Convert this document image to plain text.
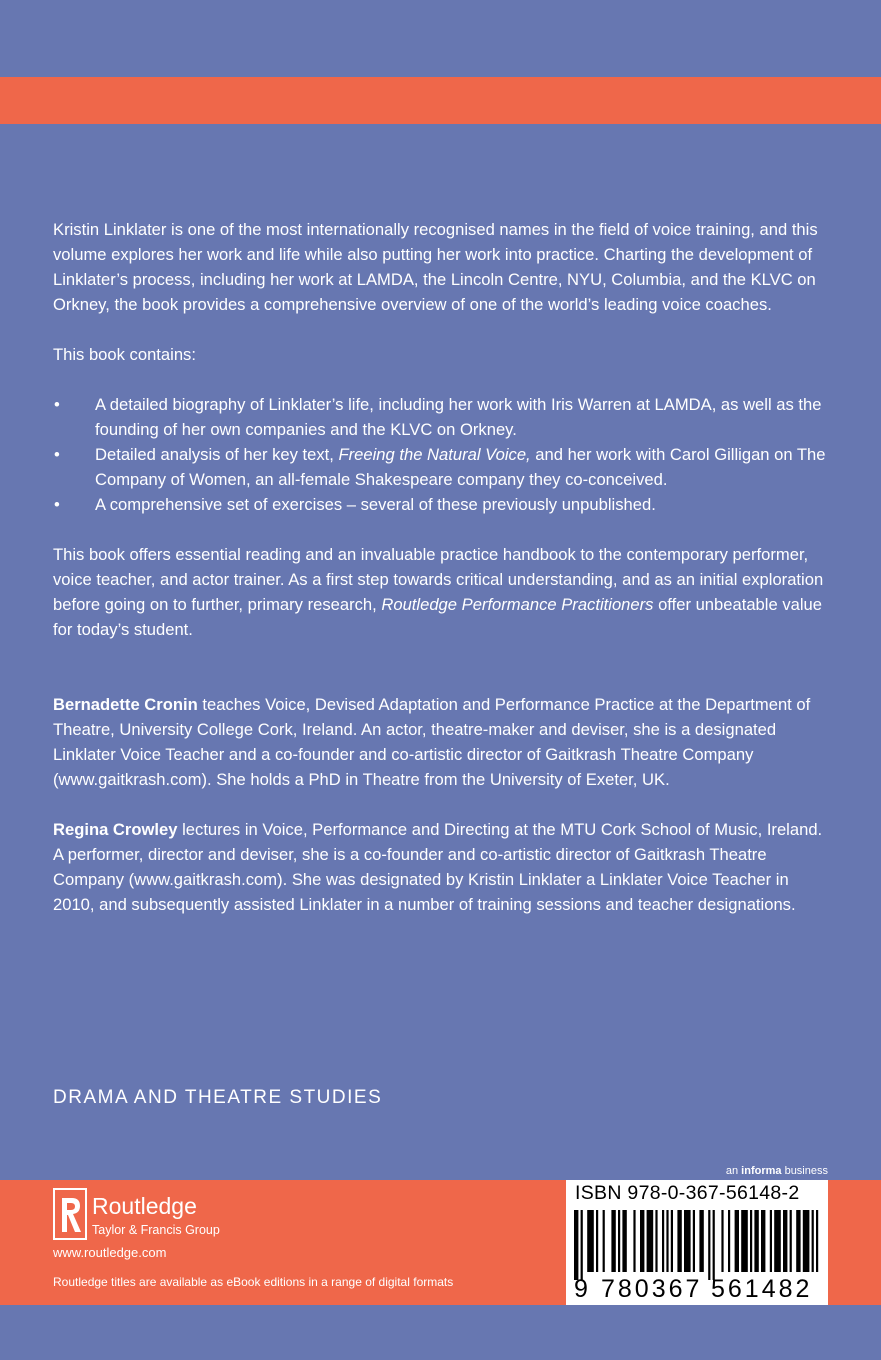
Kristin Linklater is one of the most internationally recognised names in the field of voice training, and this volume explores her work and life while also putting her work into practice. Charting the development of Linklater’s process, including her work at LAMDA, the Lincoln Centre, NYU, Columbia, and the KLVC on Orkney, the book provides a comprehensive overview of one of the world’s leading voice coaches.

This book contains:

• A detailed biography of Linklater’s life, including her work with Iris Warren at LAMDA, as well as the founding of her own companies and the KLVC on Orkney.
• Detailed analysis of her key text, Freeing the Natural Voice, and her work with Carol Gilligan on The Company of Women, an all-female Shakespeare company they co-conceived.
• A comprehensive set of exercises – several of these previously unpublished.

This book offers essential reading and an invaluable practice handbook to the contemporary performer, voice teacher, and actor trainer. As a first step towards critical understanding, and as an initial exploration before going on to further, primary research, Routledge Performance Practitioners offer unbeatable value for today’s student.

Bernadette Cronin teaches Voice, Devised Adaptation and Performance Practice at the Department of Theatre, University College Cork, Ireland. An actor, theatre-maker and deviser, she is a designated Linklater Voice Teacher and a co-founder and co-artistic director of Gaitkrash Theatre Company (www.gaitkrash.com). She holds a PhD in Theatre from the University of Exeter, UK.

Regina Crowley lectures in Voice, Performance and Directing at the MTU Cork School of Music, Ireland. A performer, director and deviser, she is a co-founder and co-artistic director of Gaitkrash Theatre Company (www.gaitkrash.com). She was designated by Kristin Linklater a Linklater Voice Teacher in 2010, and subsequently assisted Linklater in a number of training sessions and teacher designations.

DRAMA AND THEATRE STUDIES
an informa business
Routledge
Taylor & Francis Group
www.routledge.com
Routledge titles are available as eBook editions in a range of digital formats
ISBN 978-0-367-56148-2
9 780367 561482
